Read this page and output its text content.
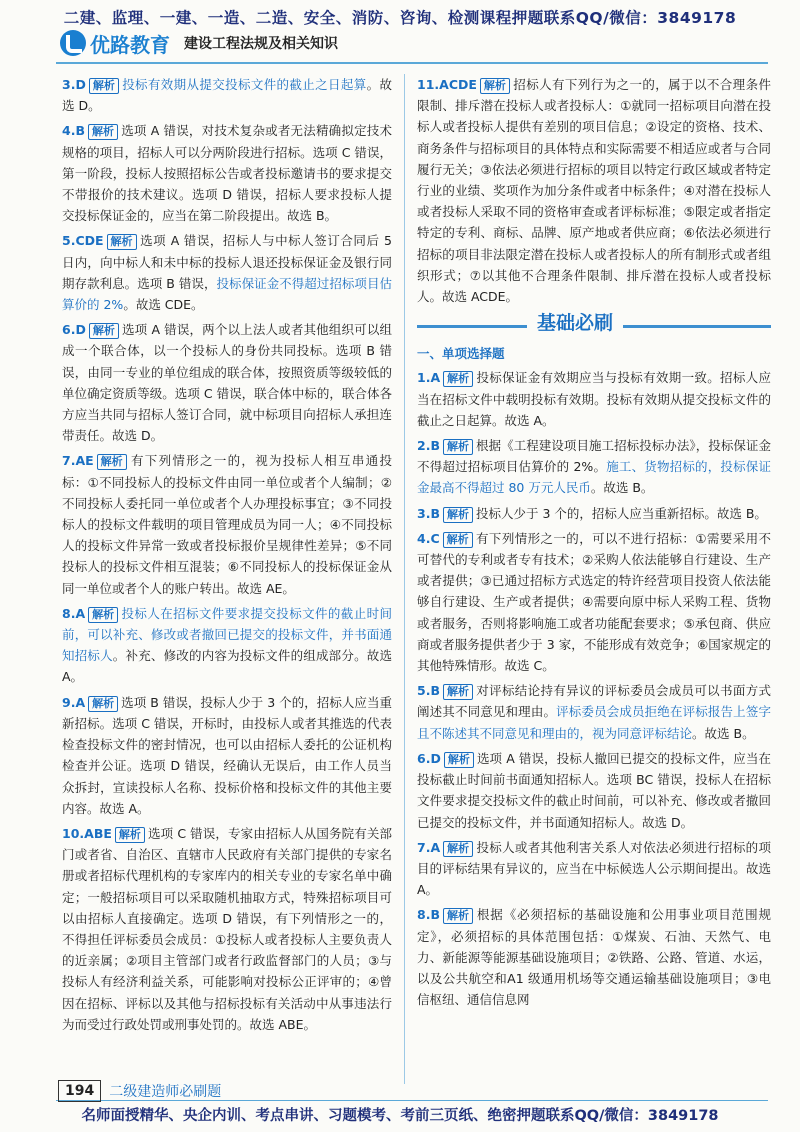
二建、监理、一建、一造、二造、安全、消防、咨询、检测课程押题联系QQ/微信：3849178
优路教育 建设工程法规及相关知识

3.D 解析 投标有效期从提交投标文件的截止之日起算。故选 D。

4.B 解析 选项 A 错误，对技术复杂或者无法精确拟定技术规格的项目，招标人可以分两阶段进行招标。选项 C 错误，第一阶段，投标人按照招标公告或者投标邀请书的要求提交不带报价的技术建议。选项 D 错误，招标人要求投标人提交投标保证金的，应当在第二阶段提出。故选 B。

5.CDE 解析 选项 A 错误，招标人与中标人签订合同后 5 日内，向中标人和未中标的投标人退还投标保证金及银行同期存款利息。选项 B 错误，投标保证金不得超过招标项目估算价的 2%。故选 CDE。

6.D 解析 选项 A 错误，两个以上法人或者其他组织可以组成一个联合体，以一个投标人的身份共同投标。选项 B 错误，由同一专业的单位组成的联合体，按照资质等级较低的单位确定资质等级。选项 C 错误，联合体中标的，联合体各方应当共同与招标人签订合同，就中标项目向招标人承担连带责任。故选 D。

7.AE 解析 有下列情形之一的，视为投标人相互串通投标：①不同投标人的投标文件由同一单位或者个人编制；②不同投标人委托同一单位或者个人办理投标事宜；③不同投标人的投标文件载明的项目管理成员为同一人；④不同投标人的投标文件异常一致或者投标报价呈规律性差异；⑤不同投标人的投标文件相互混装；⑥不同投标人的投标保证金从同一单位或者个人的账户转出。故选 AE。

8.A 解析 投标人在招标文件要求提交投标文件的截止时间前，可以补充、修改或者撤回已提交的投标文件，并书面通知招标人。补充、修改的内容为投标文件的组成部分。故选 A。

9.A 解析 选项 B 错误，投标人少于 3 个的，招标人应当重新招标。选项 C 错误，开标时，由投标人或者其推选的代表检查投标文件的密封情况，也可以由招标人委托的公证机构检查并公证。选项 D 错误，经确认无误后，由工作人员当众拆封，宣读投标人名称、投标价格和投标文件的其他主要内容。故选 A。

10.ABE 解析 选项 C 错误，专家由招标人从国务院有关部门或者省、自治区、直辖市人民政府有关部门提供的专家名册或者招标代理机构的专家库内的相关专业的专家名单中确定；一般招标项目可以采取随机抽取方式，特殊招标项目可以由招标人直接确定。选项 D 错误，有下列情形之一的，不得担任评标委员会成员：①投标人或者投标人主要负责人的近亲属；②项目主管部门或者行政监督部门的人员；③与投标人有经济利益关系，可能影响对投标公正评审的；④曾因在招标、评标以及其他与招标投标有关活动中从事违法行为而受过行政处罚或刑事处罚的。故选 ABE。

11.ACDE 解析 招标人有下列行为之一的，属于以不合理条件限制、排斥潜在投标人或者投标人：①就同一招标项目向潜在投标人或者投标人提供有差别的项目信息；②设定的资格、技术、商务条件与招标项目的具体特点和实际需要不相适应或者与合同履行无关；③依法必须进行招标的项目以特定行政区域或者特定行业的业绩、奖项作为加分条件或者中标条件；④对潜在投标人或者投标人采取不同的资格审查或者评标标准；⑤限定或者指定特定的专利、商标、品牌、原产地或者供应商；⑥依法必须进行招标的项目非法限定潜在投标人或者投标人的所有制形式或者组织形式；⑦以其他不合理条件限制、排斥潜在投标人或者投标人。故选 ACDE。

基础必刷
一、单项选择题

1.A 解析 投标保证金有效期应当与投标有效期一致。招标人应当在招标文件中载明投标有效期。投标有效期从提交投标文件的截止之日起算。故选 A。

2.B 解析 根据《工程建设项目施工招标投标办法》，投标保证金不得超过招标项目估算价的 2%。施工、货物招标的，投标保证金最高不得超过 80 万元人民币。故选 B。

3.B 解析 投标人少于 3 个的，招标人应当重新招标。故选 B。

4.C 解析 有下列情形之一的，可以不进行招标：①需要采用不可替代的专利或者专有技术；②采购人依法能够自行建设、生产或者提供；③已通过招标方式选定的特许经营项目投资人依法能够自行建设、生产或者提供；④需要向原中标人采购工程、货物或者服务，否则将影响施工或者功能配套要求；⑤承包商、供应商或者服务提供者少于 3 家，不能形成有效竞争；⑥国家规定的其他特殊情形。故选 C。

5.B 解析 对评标结论持有异议的评标委员会成员可以书面方式阐述其不同意见和理由。评标委员会成员拒绝在评标报告上签字且不陈述其不同意见和理由的，视为同意评标结论。故选 B。

6.D 解析 选项 A 错误，投标人撤回已提交的投标文件，应当在投标截止时间前书面通知招标人。选项 BC 错误，投标人在招标文件要求提交投标文件的截止时间前，可以补充、修改或者撤回已提交的投标文件，并书面通知招标人。故选 D。

7.A 解析 投标人或者其他利害关系人对依法必须进行招标的项目的评标结果有异议的，应当在中标候选人公示期间提出。故选 A。

8.B 解析 根据《必须招标的基础设施和公用事业项目范围规定》，必须招标的具体范围包括：①煤炭、石油、天然气、电力、新能源等能源基础设施项目；②铁路、公路、管道、水运，以及公共航空和A1 级通用机场等交通运输基础设施项目；③电信枢纽、通信信息网

194	二级建造师必刷题
名师面授精华、央企内训、考点串讲、习题模考、考前三页纸、绝密押题联系QQ/微信：3849178
